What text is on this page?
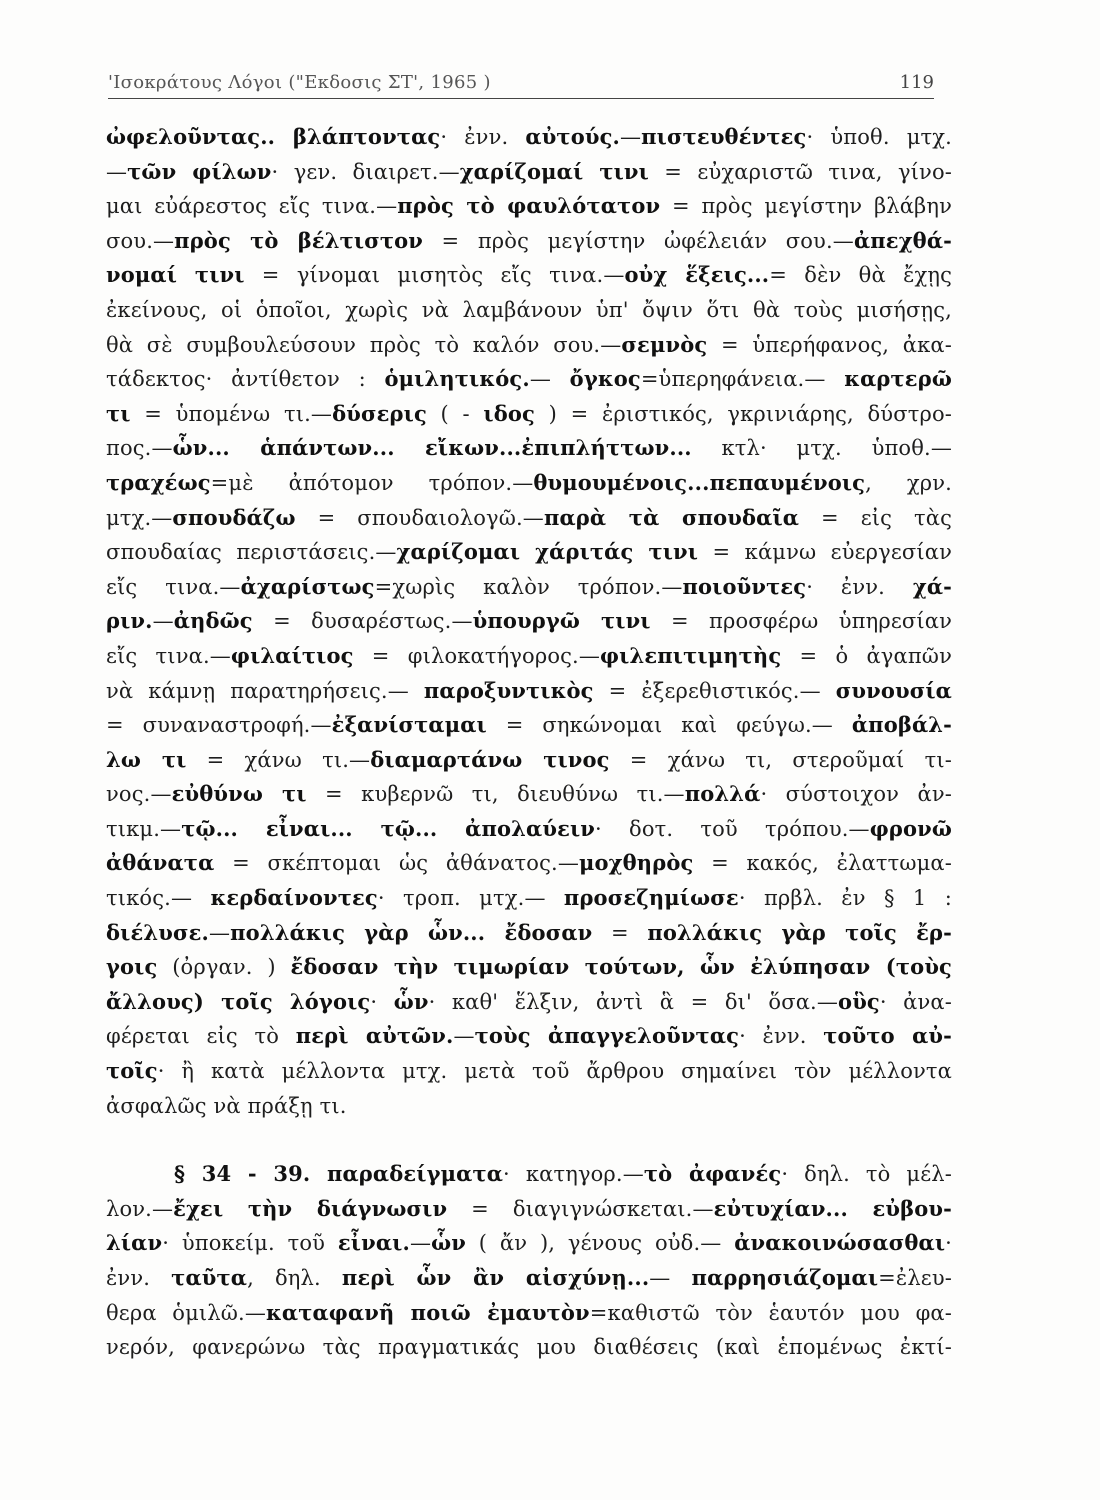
'Ισοκράτους Λόγοι ("Εκδοσις ΣΤ', 1965 )	119
ὠφελοῦντας.. βλάπτοντας· ἐνν. αὐτούς.—πιστευθέντες· ὑποθ. μτχ.
—τῶν φίλων· γεν. διαιρετ.—χαρίζομαί τινι = εὐχαριστῶ τινα, γίνο-
μαι εὐάρεστος εἴς τινα.—πρὸς τὸ φαυλότατον = πρὸς μεγίστην βλάβην
σου.—πρὸς τὸ βέλτιστον = πρὸς μεγίστην ὠφέλειάν σου.—ἀπεχθά-
νομαί τινι = γίνομαι μισητὸς εἴς τινα.—οὐχ ἕξεις...= δὲν θὰ ἔχῃς
ἐκείνους, οἱ ὁποῖοι, χωρὶς νὰ λαμβάνουν ὑπ' ὄψιν ὅτι θὰ τοὺς μισήσῃς,
θὰ σὲ συμβουλεύσουν πρὸς τὸ καλόν σου.—σεμνὸς = ὑπερήφανος, ἀκα-
τάδεκτος· ἀντίθετον : ὁμιλητικός.— ὄγκος=ὑπερηφάνεια.— καρτερῶ
τι = ὑπομένω τι.—δύσερις ( - ιδος ) = ἐριστικός, γκρινιάρης, δύστρο-
πος.—ὧν... ἁπάντων... εἴκων...ἐπιπλήττων... κτλ· μτχ. ὑποθ.—
τραχέως=μὲ ἀπότομον τρόπον.—θυμουμένοις...πεπαυμένοις, χρν.
μτχ.—σπουδάζω = σπουδαιολογῶ.—παρὰ τὰ σπουδαῖα = εἰς τὰς
σπουδαίας περιστάσεις.—χαρίζομαι χάριτάς τινι = κάμνω εὐεργεσίαν
εἴς τινα.—ἀχαρίστως=χωρὶς καλὸν τρόπον.—ποιοῦντες· ἐνν. χά-
ριν.—ἀηδῶς = δυσαρέστως.—ὑπουργῶ τινι = προσφέρω ὑπηρεσίαν
εἴς τινα.—φιλαίτιος = φιλοκατήγορος.—φιλεπιτιμητὴς = ὁ ἀγαπῶν
νὰ κάμνῃ παρατηρήσεις.— παροξυντικὸς = ἐξερεθιστικός.— συνουσία
= συναναστροφή.—ἐξανίσταμαι = σηκώνομαι καὶ φεύγω.— ἀποβάλ-
λω τι = χάνω τι.—διαμαρτάνω τινος = χάνω τι, στεροῦμαί τι-
νος.—εὐθύνω τι = κυβερνῶ τι, διευθύνω τι.—πολλά· σύστοιχον ἀν-
τικμ.—τῷ... εἶναι... τῷ... ἀπολαύειν· δοτ. τοῦ τρόπου.—φρονῶ
ἀθάνατα = σκέπτομαι ὡς ἀθάνατος.—μοχθηρὸς = κακός, ἐλαττωμα-
τικός.— κερδαίνοντες· τροπ. μτχ.— προσεζημίωσε· πρβλ. ἐν § 1 :
διέλυσε.—πολλάκις γὰρ ὧν... ἔδοσαν = πολλάκις γὰρ τοῖς ἔρ-
γοις (ὀργαν. ) ἔδοσαν τὴν τιμωρίαν τούτων, ὧν ἐλύπησαν (τοὺς
ἄλλους) τοῖς λόγοις· ὧν· καθ' ἕλξιν, ἀντὶ ἃ = δι' ὅσα.—οὓς· ἀνα-
φέρεται εἰς τὸ περὶ αὐτῶν.—τοὺς ἀπαγγελοῦντας· ἐνν. τοῦτο αὐ-
τοῖς· ἢ κατὰ μέλλοντα μτχ. μετὰ τοῦ ἄρθρου σημαίνει τὸν μέλλοντα
ἀσφαλῶς νὰ πράξῃ τι.
§ 34 - 39. παραδείγματα· κατηγορ.—τὸ ἀφανές· δηλ. τὸ μέλ-
λον.—ἔχει τὴν διάγνωσιν = διαγιγνώσκεται.—εὐτυχίαν... εὐβου-
λίαν· ὑποκείμ. τοῦ εἶναι.—ὧν ( ἄν ), γένους οὐδ.— ἀνακοινώσασθαι·
ἐνν. ταῦτα, δηλ. περὶ ὧν ἂν αἰσχύνῃ...— παρρησιάζομαι=ἐλευ-
θερα ὁμιλῶ.—καταφανῆ ποιῶ ἐμαυτὸν=καθιστῶ τὸν ἑαυτόν μου φα-
νερόν, φανερώνω τὰς πραγματικάς μου διαθέσεις (καὶ ἑπομένως ἐκτί-
